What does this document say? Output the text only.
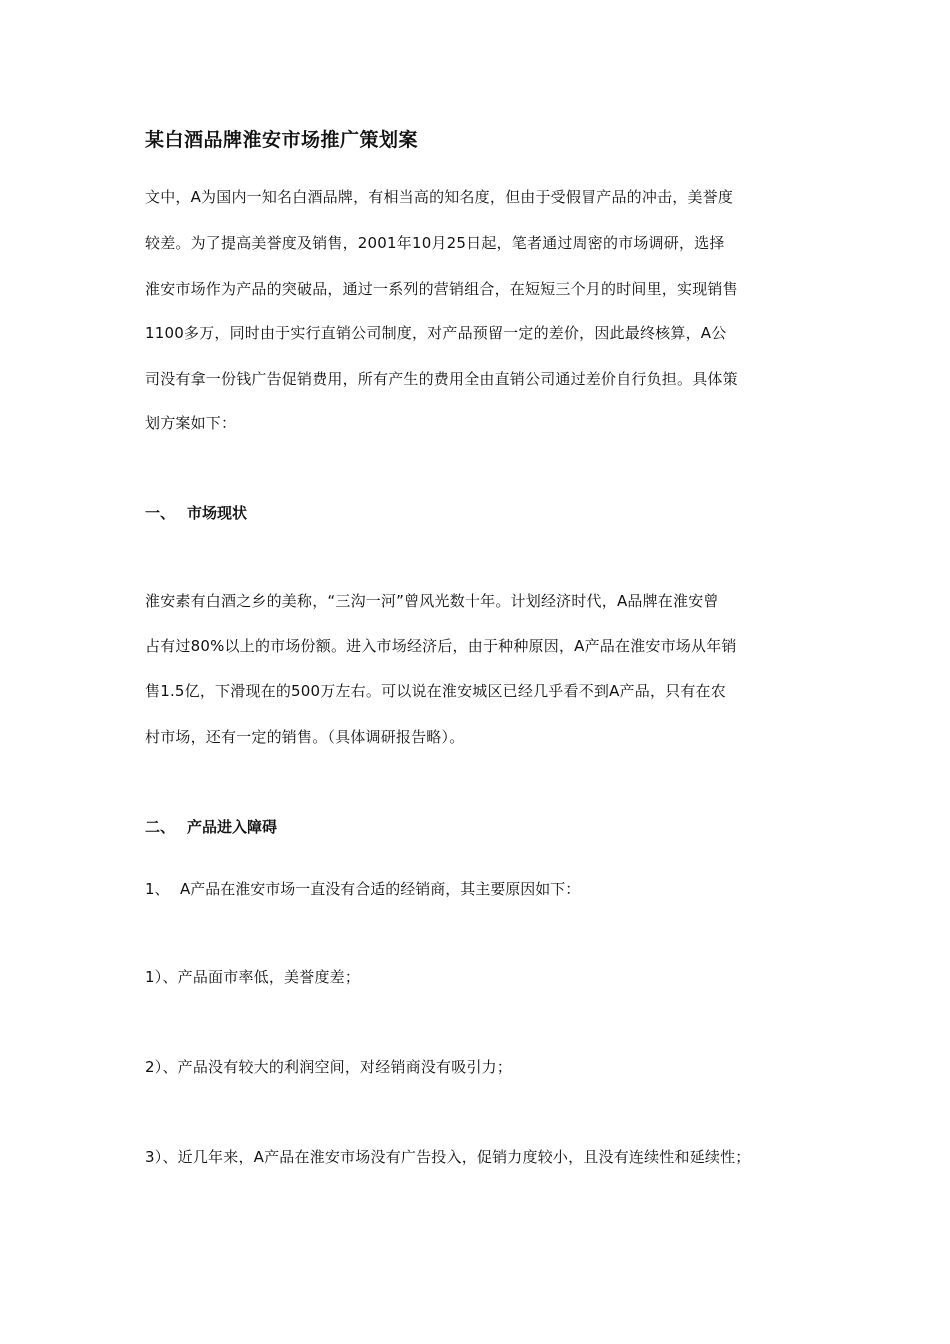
某白酒品牌淮安市场推广策划案
文中，A为国内一知名白酒品牌，有相当高的知名度，但由于受假冒产品的冲击，美誉度
较差。为了提高美誉度及销售，2001年10月25日起，笔者通过周密的市场调研，选择
淮安市场作为产品的突破品，通过一系列的营销组合，在短短三个月的时间里，实现销售
1100多万，同时由于实行直销公司制度，对产品预留一定的差价，因此最终核算，A公
司没有拿一份钱广告促销费用，所有产生的费用全由直销公司通过差价自行负担。具体策
划方案如下：
一、 市场现状
淮安素有白酒之乡的美称，“三沟一河”曾风光数十年。计划经济时代，A品牌在淮安曾
占有过80%以上的市场份额。进入市场经济后，由于种种原因，A产品在淮安市场从年销
售1.5亿，下滑现在的500万左右。可以说在淮安城区已经几乎看不到A产品，只有在农
村市场，还有一定的销售。（具体调研报告略）。
二、 产品进入障碍
1、 A产品在淮安市场一直没有合适的经销商，其主要原因如下：
1）、产品面市率低，美誉度差；
2）、产品没有较大的利润空间，对经销商没有吸引力；
3）、近几年来，A产品在淮安市场没有广告投入，促销力度较小，且没有连续性和延续性；
